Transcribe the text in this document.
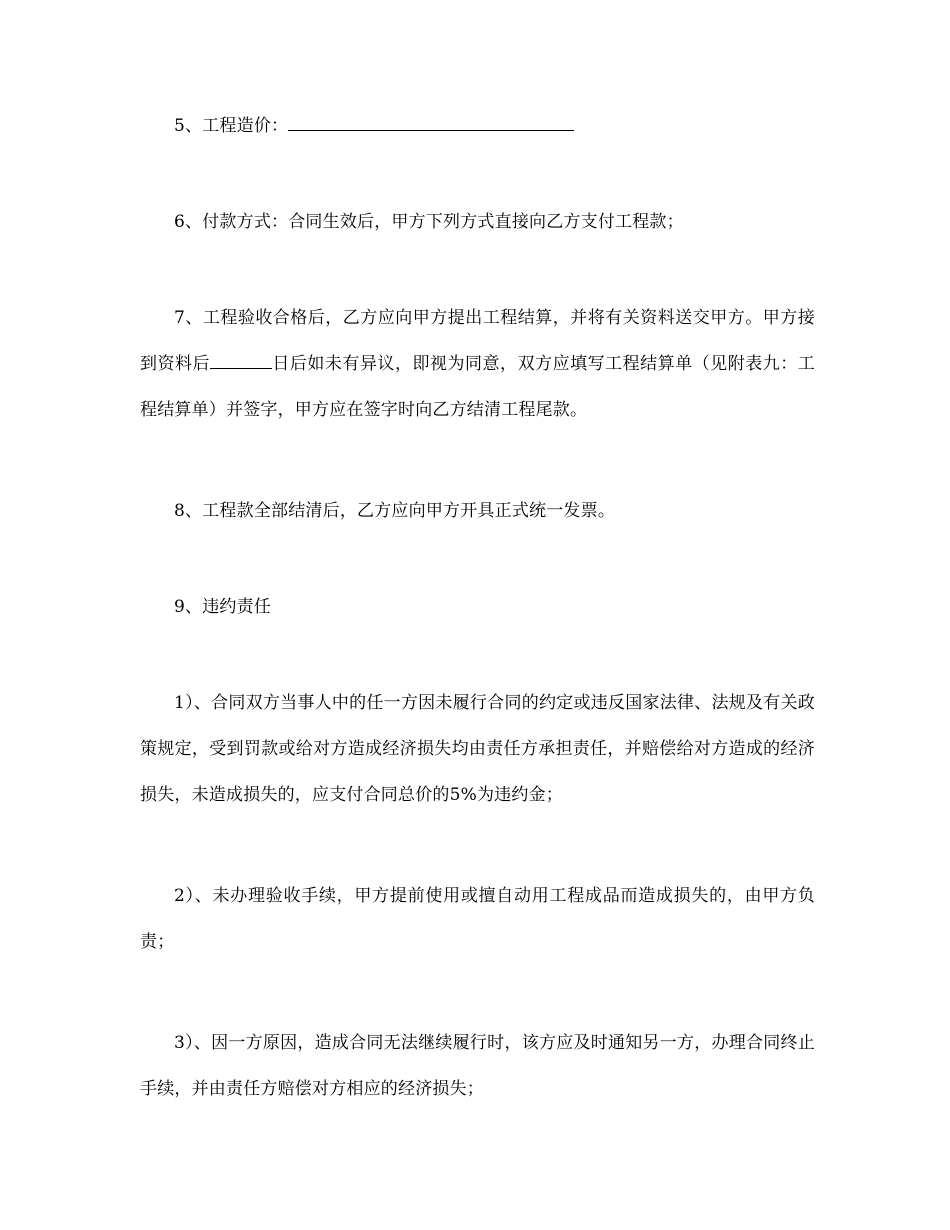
5、工程造价：

6、付款方式：合同生效后，甲方下列方式直接向乙方支付工程款；

7、工程验收合格后，乙方应向甲方提出工程结算，并将有关资料送交甲方。甲方接到资料后	日后如未有异议，即视为同意，双方应填写工程结算单（见附表九：工程结算单）并签字，甲方应在签字时向乙方结清工程尾款。

8、工程款全部结清后，乙方应向甲方开具正式统一发票。

9、违约责任

1）、合同双方当事人中的任一方因未履行合同的约定或违反国家法律、法规及有关政策规定，受到罚款或给对方造成经济损失均由责任方承担责任，并赔偿给对方造成的经济损失，未造成损失的，应支付合同总价的5%为违约金；

2）、未办理验收手续，甲方提前使用或擅自动用工程成品而造成损失的，由甲方负责；

3）、因一方原因，造成合同无法继续履行时，该方应及时通知另一方，办理合同终止手续，并由责任方赔偿对方相应的经济损失；
